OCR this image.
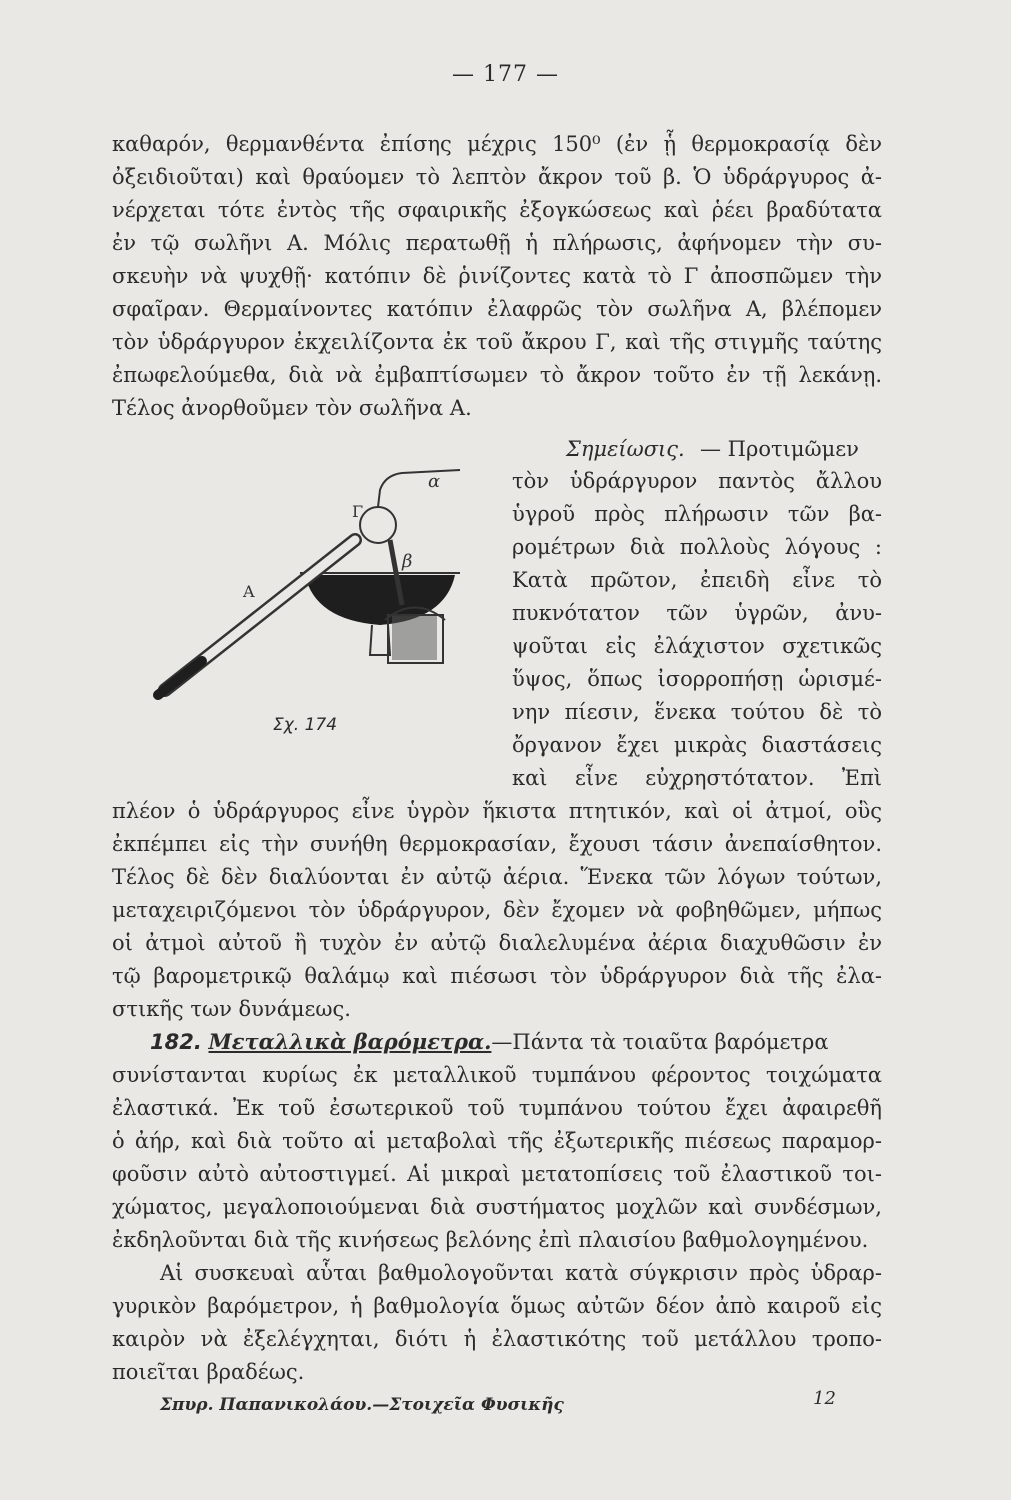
— 177 —
καθαρόν, θερμανθέντα ἐπίσης μέχρις 150⁰ (ἐν ᾗ θερμοκρασίᾳ δὲν
ὀξειδιοῦται) καὶ θραύομεν τὸ λεπτὸν ἄκρον τοῦ β. Ὁ ὑδράργυρος ἀ-
νέρχεται τότε ἐντὸς τῆς σφαιρικῆς ἐξογκώσεως καὶ ῥέει βραδύτατα
ἐν τῷ σωλῆνι Α. Μόλις περατωθῇ ἡ πλήρωσις, ἀφήνομεν τὴν συ-
σκευὴν νὰ ψυχθῇ· κατόπιν δὲ ῥινίζοντες κατὰ τὸ Γ ἀποσπῶμεν τὴν
σφαῖραν. Θερμαίνοντες κατόπιν ἐλαφρῶς τὸν σωλῆνα Α, βλέπομεν
τὸν ὑδράργυρον ἐκχειλίζοντα ἐκ τοῦ ἄκρου Γ, καὶ τῆς στιγμῆς ταύτης
ἐπωφελούμεθα, διὰ νὰ ἐμβαπτίσωμεν τὸ ἄκρον τοῦτο ἐν τῇ λεκάνῃ.
Τέλος ἀνορθοῦμεν τὸν σωλῆνα Α.
Σημείωσις. — Προτιμῶμεν
τὸν ὑδράργυρον παντὸς ἄλλου
ὑγροῦ πρὸς πλήρωσιν τῶν βα-
ρομέτρων διὰ πολλοὺς λόγους :
Κατὰ πρῶτον, ἐπειδὴ εἶνε τὸ
πυκνότατον τῶν ὑγρῶν, ἀνυ-
ψοῦται εἰς ἐλάχιστον σχετικῶς
ὕψος, ὅπως ἰσορροπήσῃ ὡρισμέ-
νην πίεσιν, ἕνεκα τούτου δὲ τὸ
ὄργανον ἔχει μικρὰς διαστάσεις
καὶ εἶνε εὐχρηστότατον. Ἐπὶ
α
Γ
β
Α
Σχ. 174
πλέον ὁ ὑδράργυρος εἶνε ὑγρὸν ἥκιστα πτητικόν, καὶ οἱ ἀτμοί, οὓς
ἐκπέμπει εἰς τὴν συνήθη θερμοκρασίαν, ἔχουσι τάσιν ἀνεπαίσθητον.
Τέλος δὲ δὲν διαλύονται ἐν αὐτῷ ἀέρια. Ἕνεκα τῶν λόγων τούτων,
μεταχειριζόμενοι τὸν ὑδράργυρον, δὲν ἔχομεν νὰ φοβηθῶμεν, μήπως
οἱ ἀτμοὶ αὐτοῦ ἢ τυχὸν ἐν αὐτῷ διαλελυμένα ἀέρια διαχυθῶσιν ἐν
τῷ βαρομετρικῷ θαλάμῳ καὶ πιέσωσι τὸν ὑδράργυρον διὰ τῆς ἐλα-
στικῆς των δυνάμεως.
182. Μεταλλικὰ βαρόμετρα.—Πάντα τὰ τοιαῦτα βαρόμετρα
συνίστανται κυρίως ἐκ μεταλλικοῦ τυμπάνου φέροντος τοιχώματα
ἐλαστικά. Ἐκ τοῦ ἐσωτερικοῦ τοῦ τυμπάνου τούτου ἔχει ἀφαιρεθῆ
ὁ ἀήρ, καὶ διὰ τοῦτο αἱ μεταβολαὶ τῆς ἐξωτερικῆς πιέσεως παραμορ-
φοῦσιν αὐτὸ αὐτοστιγμεί. Αἱ μικραὶ μετατοπίσεις τοῦ ἐλαστικοῦ τοι-
χώματος, μεγαλοποιούμεναι διὰ συστήματος μοχλῶν καὶ συνδέσμων,
ἐκδηλοῦνται διὰ τῆς κινήσεως βελόνης ἐπὶ πλαισίου βαθμολογημένου.
Αἱ συσκευαὶ αὗται βαθμολογοῦνται κατὰ σύγκρισιν πρὸς ὑδραρ-
γυρικὸν βαρόμετρον, ἡ βαθμολογία ὅμως αὐτῶν δέον ἀπὸ καιροῦ εἰς
καιρὸν νὰ ἐξελέγχηται, διότι ἡ ἐλαστικότης τοῦ μετάλλου τροπο-
ποιεῖται βραδέως.
Σπυρ. Παπανικολάου.—Στοιχεῖα Φυσικῆς	12
